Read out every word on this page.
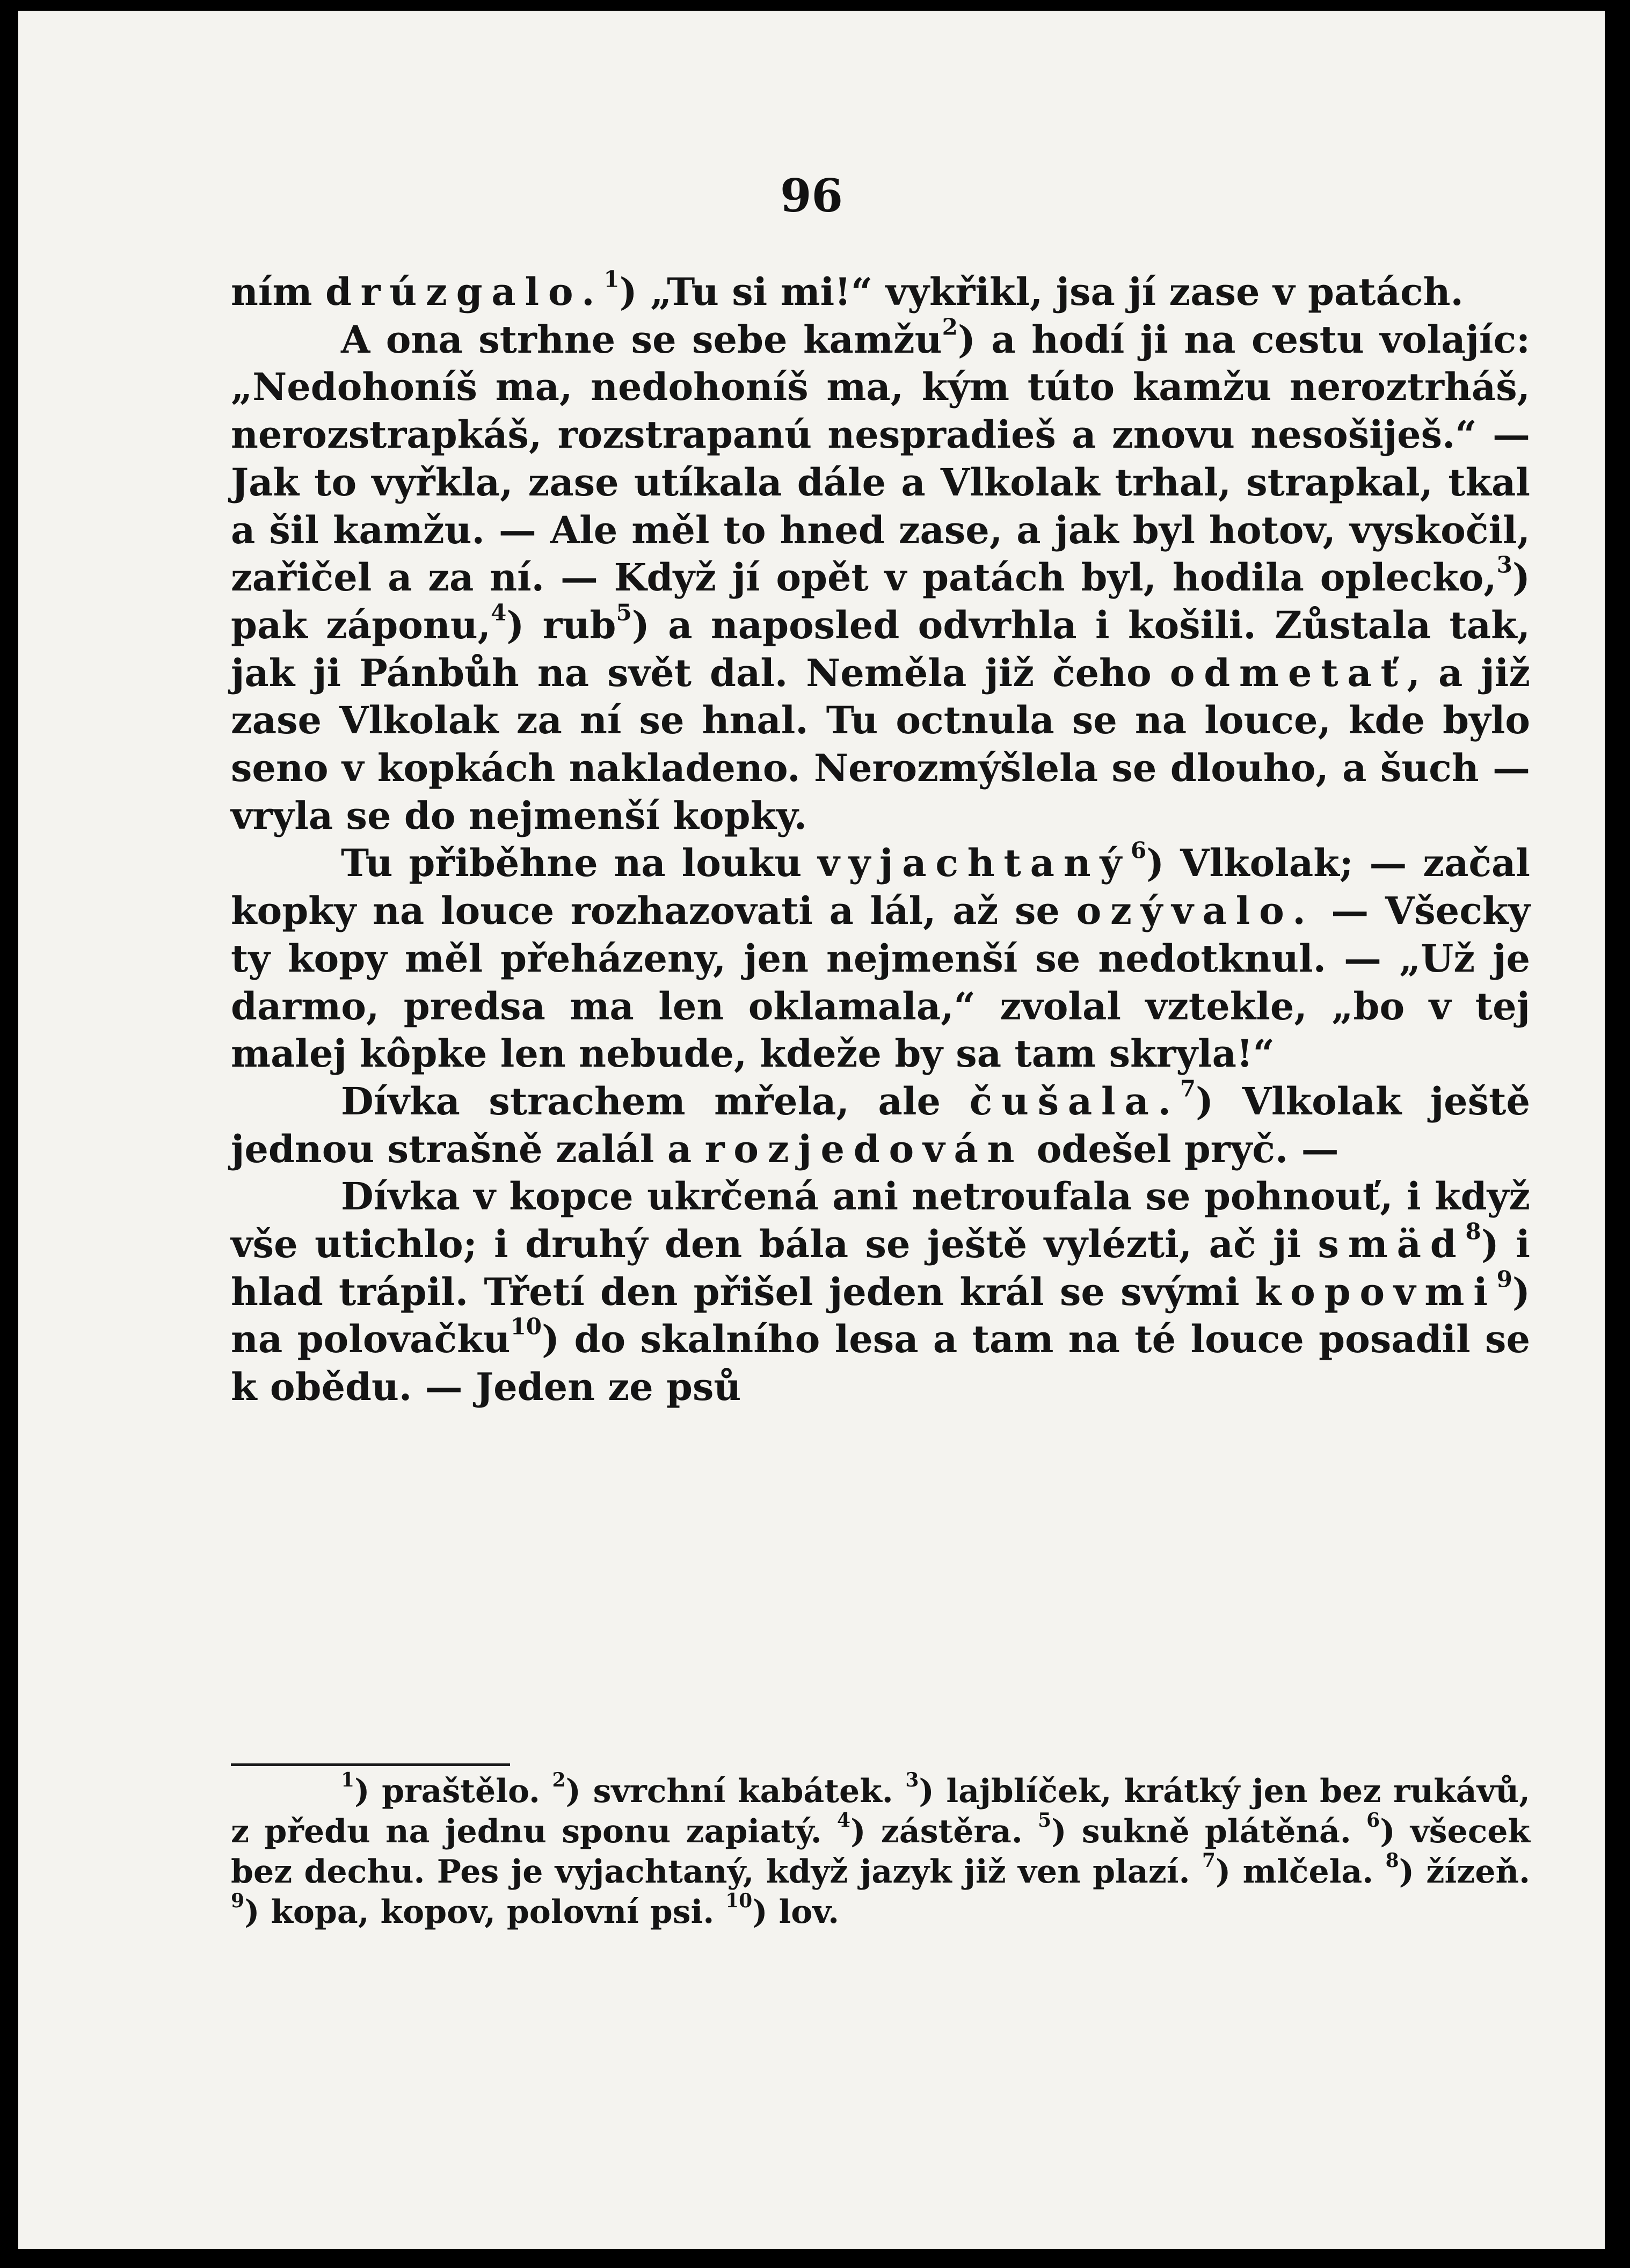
96

ním drúzgalo.$^1$) „Tu si mi!“ vykřikl, jsa jí zase v patách.

A ona strhne se sebe kamžu$^2$) a hodí ji na cestu volajíc: „Nedohoníš ma, nedohoníš ma, kým túto kamžu neroztrháš, nerozstrapkáš, rozstrapanú nespradieš a znovu nesošiješ.“ — Jak to vyřkla, zase utíkala dále a Vlkolak trhal, strapkal, tkal a šil kamžu. — Ale měl to hned zase, a jak byl hotov, vyskočil, zařičel a za ní. — Když jí opět v patách byl, hodila oplecko,$^3$) pak záponu,$^4$) rub$^5$) a naposled odvrhla i košili. Zůstala tak, jak ji Pánbůh na svět dal. Neměla již čeho odmetať, a již zase Vlkolak za ní se hnal. Tu octnula se na louce, kde bylo seno v kopkách nakladeno. Nerozmýšlela se dlouho, a šuch — vryla se do nejmenší kopky.

Tu přiběhne na louku vyjachtaný$^6$) Vlkolak; — začal kopky na louce rozhazovati a lál, až se ozývalo. — Všecky ty kopy měl přeházeny, jen nejmenší se nedotknul. — „Už je darmo, predsa ma len oklamala,“ zvolal vztekle, „bo v tej malej kôpke len nebude, kdeže by sa tam skryla!“

Dívka strachem mřela, ale čušala.$^7$) Vlkolak ještě jednou strašně zalál a rozjedován odešel pryč. —

Dívka v kopce ukrčená ani netroufala se pohnouť, i když vše utichlo; i druhý den bála se ještě vylézti, ač ji smäd$^8$) i hlad trápil. Třetí den přišel jeden král se svými kopovmi$^9$) na polovačku$^{10}$) do skalního lesa a tam na té louce posadil se k obědu. — Jeden ze psů

$^1$) praštělo. $^2$) svrchní kabátek. $^3$) lajblíček, krátký jen bez rukávů, z předu na jednu sponu zapiatý. $^4$) zástěra. $^5$) sukně plátěná. $^6$) všecek bez dechu. Pes je vyjachtaný, když jazyk již ven plazí. $^7$) mlčela. $^8$) žízeň. $^9$) kopa, kopov, polovní psi. $^{10}$) lov.
